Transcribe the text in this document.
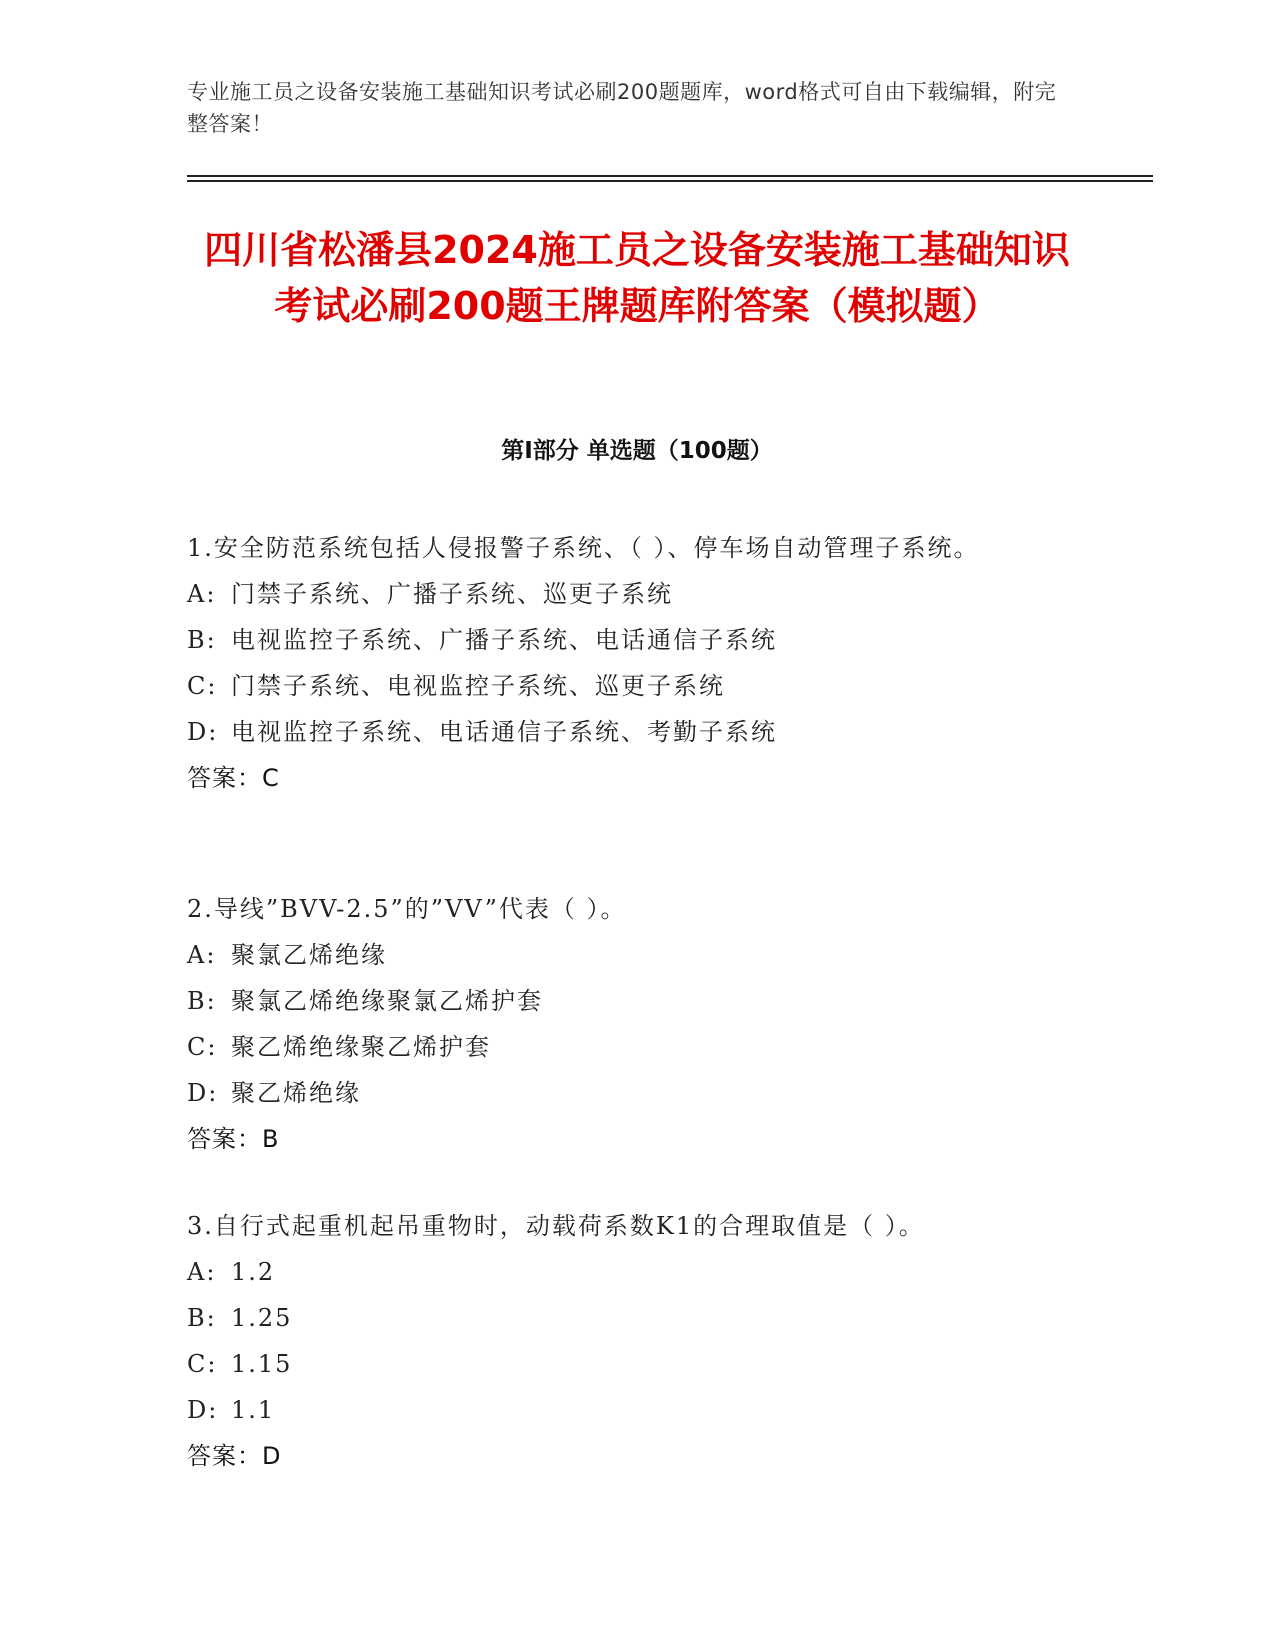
专业施工员之设备安装施工基础知识考试必刷200题题库，word格式可自由下载编辑，附完整答案！
四川省松潘县2024施工员之设备安装施工基础知识考试必刷200题王牌题库附答案（模拟题）
第Ⅰ部分 单选题（100题）

1.安全防范系统包括人侵报警子系统、（ ）、停车场自动管理子系统。

A: 门禁子系统、广播子系统、巡更子系统

B: 电视监控子系统、广播子系统、电话通信子系统

C: 门禁子系统、电视监控子系统、巡更子系统

D: 电视监控子系统、电话通信子系统、考勤子系统

答案：C

2.导线”BVV-2.5”的”VV”代表（ ）。

A: 聚氯乙烯绝缘

B: 聚氯乙烯绝缘聚氯乙烯护套

C: 聚乙烯绝缘聚乙烯护套

D: 聚乙烯绝缘

答案：B

3.自行式起重机起吊重物时，动载荷系数K1的合理取值是（ ）。

A: 1.2

B: 1.25

C: 1.15

D: 1.1

答案：D
